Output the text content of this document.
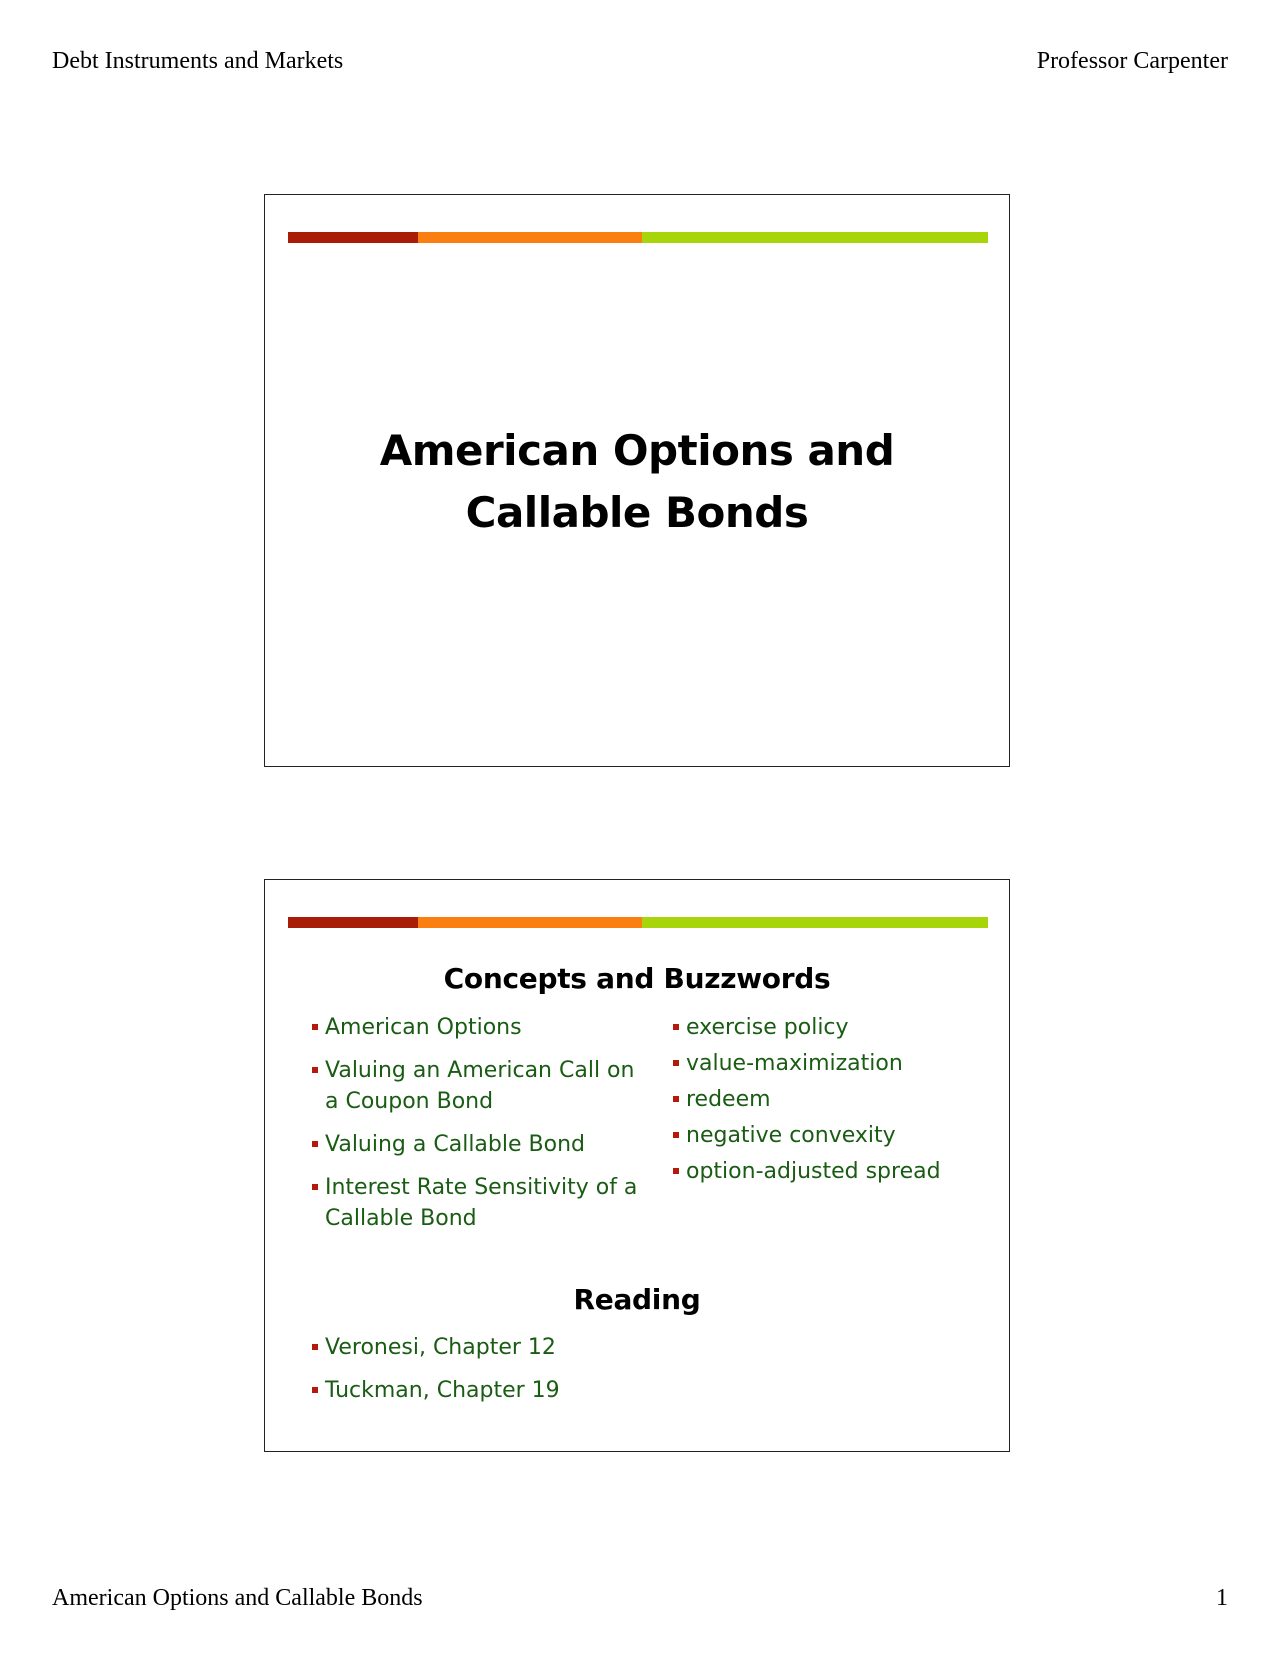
Debt Instruments and Markets	Professor Carpenter
American Options and
Callable Bonds
Concepts and Buzzwords
American Options
Valuing an American Call on a Coupon Bond
Valuing a Callable Bond
Interest Rate Sensitivity of a Callable Bond
exercise policy
value-maximization
redeem
negative convexity
option-adjusted spread
Reading
Veronesi, Chapter 12
Tuckman, Chapter 19
American Options and Callable Bonds	1
